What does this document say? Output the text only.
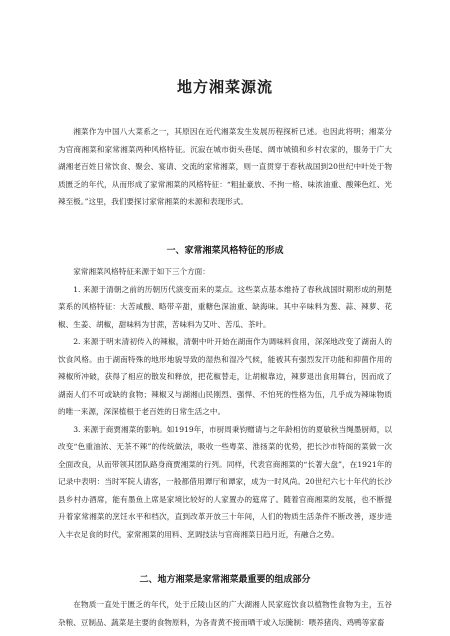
地方湘菜源流

湘菜作为中国八大菜系之一，其原因在近代湘菜发生发展历程探析已述。也因此将明；湘菜分为官商湘菜和家常湘菜两种风格特征。沉寂在城市街头巷尾、阔市城镇和乡村农家的，服务于广大湖湘老百姓日常饮食、聚会、宴请、交流的家常湘菜，则一直贯穿于春秋战国到20世纪中叶处于物质匮乏的年代，从而形成了家常湘菜的风格特征：“粗扯豪放、不拘一格、味浓油重、酸辣色红、光辣至极。”这里，我们要探讨家常湘菜的未源和表现形式。

一、家常湘菜风格特征的形成

家常湘菜风格特征来源于如下三个方面：

1. 来源于清朝之前的历朝历代演变而来的菜点。这些菜点基本维持了春秋战国时期形成的荆楚菜系的风格特征：大苦咸酸、略带辛甜，重糖色深油重、缺海味。其中辛味料为葱、蒜、辣萝、花椒、生姜、胡椒，甜味料为甘蔗，苦味料为艾叶、苦瓜、茶叶。

2. 来源于明末清初传入的辣椒，清朝中叶开始在湖南作为调味料食用，深深地改变了湖南人的饮食风格。由于湖南特殊的地形地貌导致的湿热和湿冷气候，能被其有强烈发汗功能和抑菌作用的辣椒所冲破，获得了相应的散发和释放，把花椒替走，让胡椒靠边，辣萝退出食用舞台，因而成了湖南人们不可或缺的食物；辣椒又与湖湘山民刚烈、强悍、不怕死的性格为伍，几乎成为辣味物质的唯一来源，深深植根于老百姓的日常生活之中。

3. 来源于商贾湘菜的影响。如1919年，市厨周秉钧赠请与之年龄相仿的夏敏秋当绳墨厨师，以改变“色重油浓、无茶不辣”的传统做法，吸收一些粤菜、淮扬菜的优势，把长沙市特阁的菜做一次全面改良，从而带领其团队路身商贾湘菜的行列。同样，代表官商湘菜的“长著大盘”，在1921年的记录中表明：当时军院人请客，一般都借用谭厅和谭家，成为一时风尚。20世纪六七十年代的长沙县乡村办酒席，能有墨鱼上席是家境比较好的人家置办的筵席了。随着官商湘菜的发展，也不断提升着家常湘菜的烹饪水平和档次，直到改革开放三十年间，人们的物质生活条件不断改善，逐步进入丰衣足食的时代，家常湘菜的用料、烹调技法与官商湘菜日趋月近，有融合之势。

二、地方湘菜是家常湘菜最重要的组成部分

在物质一直处于匮乏的年代，处于丘陵山区的广大湖湘人民家庭饮食以植物性食物为主，五谷杂粮、豆制品、蔬菜是主要的食物原料，为各青黄不接而晒干或入坛腌制：喂养猪肉、鸡鸭等家畜
